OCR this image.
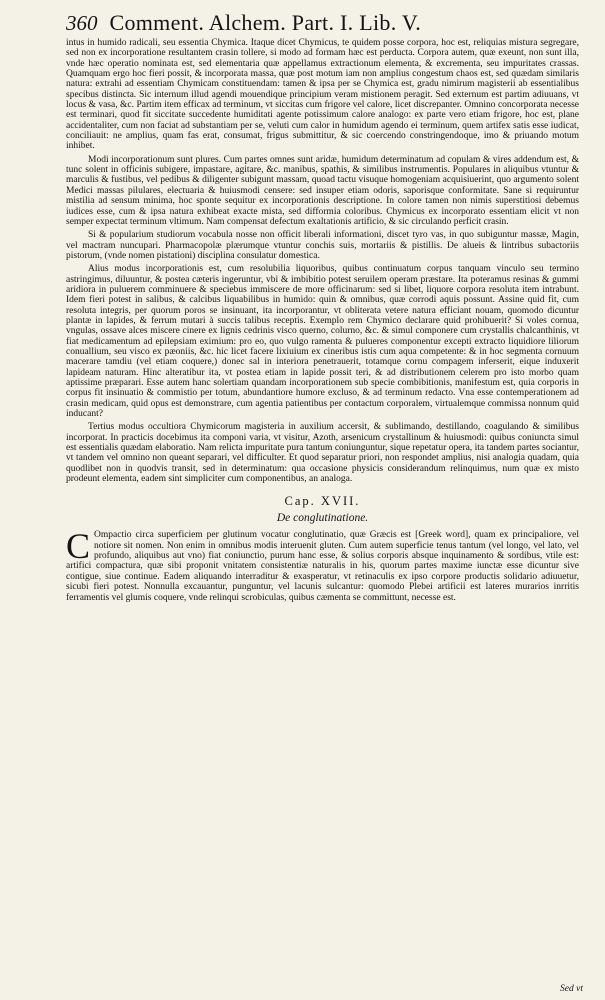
360 Comment. Alchem. Part. I. Lib. V.

intus in humido radicali, seu essentia Chymica. Itaque dicet Chymicus, te quidem posse corpora, hoc est, reliquias mistura segregare, sed non ex incorporatione resultantem crasin tollere, si modo ad formam hæc est perducta. Corpora autem, quæ exeunt, non sunt illa, vnde hæc operatio nominata est, sed elementaria quæ appellamus extractionum elementa, & excrementa, seu impuritates crassas. Quamquam ergo hoc fieri possit, & incorporata massa, quæ post motum iam non amplius congestum chaos est, sed quædam similaris natura: extrahi ad essentiam Chymicam constituendam: tamen & ipsa per se Chymica est, gradu nimirum magisterii ab essentialibus specibus distincta. Sic internum illud agendi mouendique principium veram mistionem peragit. Sed externum est partim adiuuans, vt locus & vasa, &c. Partim item efficax ad terminum, vt siccitas cum frigore vel calore, licet discrepanter. Omnino concorporata necesse est terminari, quod fit siccitate succedente humiditati agente potissimum calore analogo: ex parte vero etiam frigore, hoc est, plane accidentaliter, cum non faciat ad substantiam per se, veluti cum calor in humidum agendo ei terminum, quem artifex satis esse iudicat, conciliauit: ne amplius, quam fas erat, consumat, frigus submittitur, & sic coercendo constringendoque, imo & priuando motum inhibet.

Modi incorporationum sunt plures. Cum partes omnes sunt aridæ, humidum determinatum ad copulam & vires addendum est, & tunc solent in officinis subigere, impastare, agitare, &c. manibus, spathis, & similibus instrumentis. Populares in aliquibus vtuntur & marculis & fustibus, vel pedibus & diligenter subigunt massam, quoad tactu visuque homogeniam acquisiuerint, quo argumento solent Medici massas pilulares, electuaria & huiusmodi censere: sed insuper etiam odoris, saporisque conformitate. Sane si requiruntur mistilia ad sensum minima, hoc sponte sequitur ex incorporationis descriptione. In colore tamen non nimis superstitiosi debemus iudices esse, cum & ipsa natura exhibeat exacte mista, sed difformia coloribus. Chymicus ex incorporato essentiam elicit vt non semper expectat terminum vltimum. Nam compensat defectum exaltationis artificio, & sic circulando perficit crasin.

Si & popularium studiorum vocabula nosse non officit liberali informationi, discet tyro vas, in quo subiguntur massæ, Magin, vel mactram nuncupari. Pharmacopolæ plærumque vtuntur conchis suis, mortariis & pistillis. De alueis & lintribus subactoriis pistorum, (vnde nomen pistationi) disciplina consulatur domestica.

Alius modus incorporationis est, cum resolubilia liquoribus, quibus continuatum corpus tanquam vinculo seu termino astringimus, diluuntur, & postea cæteris ingeruntur, vbi & imbibitio potest seruilem operam præstare. Ita poteramus resinas & gummi aridiora in puluerem comminuere & speciebus immiscere de more officinarum: sed si libet, liquore corpora resoluta item intrabunt. Idem fieri potest in salibus, & calcibus liquabilibus in humido: quin & omnibus, quæ corrodi aquis possunt. Assine quid fit, cum resoluta integris, per quorum poros se insinuant, ita incorporantur, vt obliterata vetere natura efficiant nouam, quomodo dicuntur plantæ in lapides, & ferrum mutari à succis talibus receptis. Exemplo rem Chymico declarare quid prohibuerit? Si voles cornua, vngulas, ossave alces miscere cinere ex lignis cedrinis visco querno, colurno, &c. & simul componere cum crystallis chalcanthinis, vt fiat medicamentum ad epilepsiam eximium: pro eo, quo vulgo ramenta & pulueres componentur excepti extracto liquidiore liliorum conuallium, seu visco ex pæoniis, &c. hic licet facere lixiuium ex cineribus istis cum aqua competente: & in hoc segmenta cornuum macerare tamdiu (vel etiam coquere,) donec sal in interiora penetrauerit, totamque cornu compagem inferserit, eique induxerit lapideam naturam. Hinc alteratibur ita, vt postea etiam in lapide possit teri, & ad distributionem celerem pro isto morbo quam aptissime præparari. Esse autem hanc solertiam quandam incorporationem sub specie combibitionis, manifestum est, quia corporis in corpus fit insinuatio & commistio per totum, abundantiore humore excluso, & ad terminum redacto. Vna esse contemperationem ad crasin medicam, quid opus est demonstrare, cum agentia patientibus per contactum corporalem, virtualemque commissa nonnum quid inducant?

Tertius modus occultiora Chymicorum magisteria in auxilium accersit, & sublimando, destillando, coagulando & similibus incorporat. In practicis docebimus ita componi varia, vt visitur, Azoth, arsenicum crystallinum & huiusmodi: quibus coniuncta simul est essentialis quædam elaboratio. Nam relicta impuritate pura tantum coniunguntur, sique repetatur opera, ita tandem partes sociantur, vt tandem vel omnino non queant separari, vel difficulter. Et quod separatur priori, non respondet amplius, nisi analogia quadam, quia quodlibet non in quodvis transit, sed in determinatum: qua occasione physicis considerandum relinquimus, num quæ ex misto prodeunt elementa, eadem sint simpliciter cum componentibus, an analoga.

Cap. XVII.
De conglutinatione.
C Ompactio circa superficiem per glutinum vocatur conglutinatio, quæ Græcis est [Greek word], quam ex principaliore, vel notiore sit nomen. Non enim in omnibus modis interuenit gluten. Cum autem superficie tenus tantum (vel longo, vel lato, vel profundo, aliquibus aut vno) fiat coniunctio, purum hanc esse, & solius corporis absque inquinamento & sordibus, vtile est: artifici compactura, quæ sibi proponit vnitatem consistentiæ naturalis in his, quorum partes maxime iunctæ esse dicuntur sive contigue, siue continue. Eadem aliquando interraditur & exasperatur, vt retinaculis ex ipso corpore productis solidario adiuuetur, sicubi fieri potest. Nonnulla excauantur, punguntur, vel lacunis sulcantur: quomodo Plebei artificii est lateres murarios inrritis ferramentis vel glumis coquere, vnde relinqui scrobiculas, quibus cæmenta se committunt, necesse est.
Sed vt
